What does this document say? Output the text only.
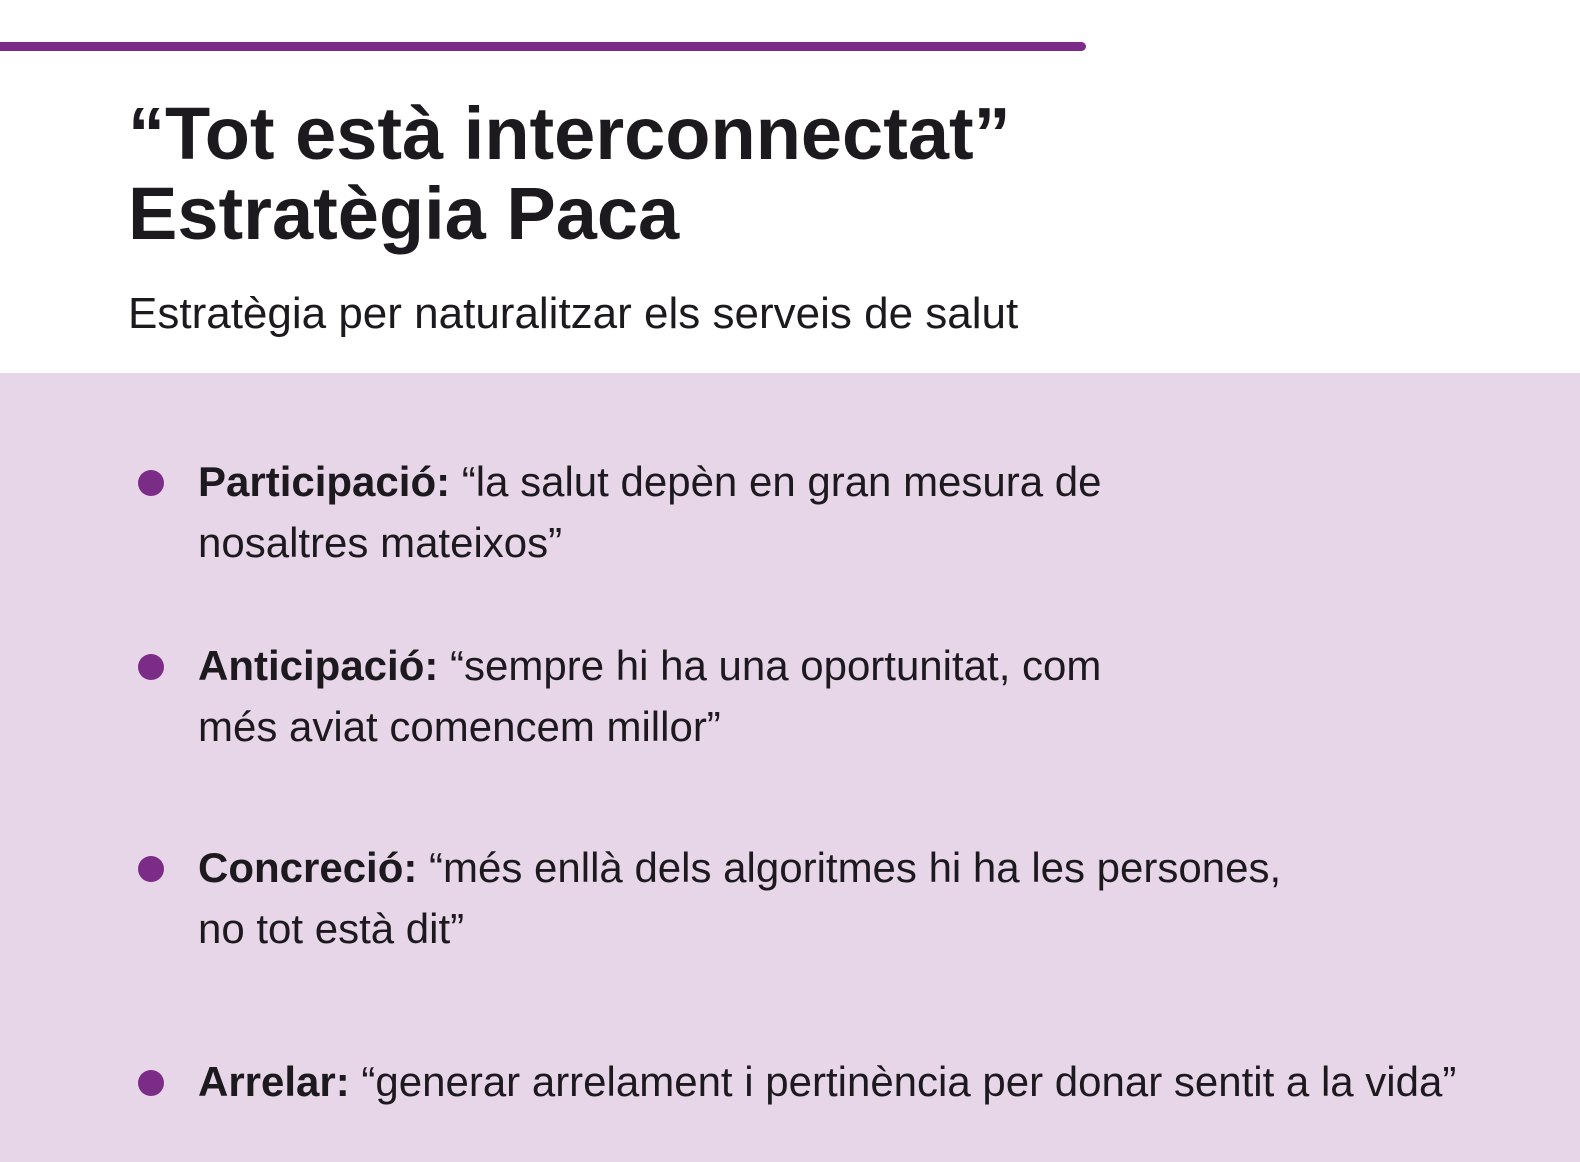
“Tot està interconnectat”
Estratègia Paca

Estratègia per naturalitzar els serveis de salut

Participació: “la salut depèn en gran mesura de
nosaltres mateixos”
Anticipació: “sempre hi ha una oportunitat, com
més aviat comencem millor”
Concreció: “més enllà dels algoritmes hi ha les persones,
no tot està dit”
Arrelar: “generar arrelament i pertinència per donar sentit a la vida”
